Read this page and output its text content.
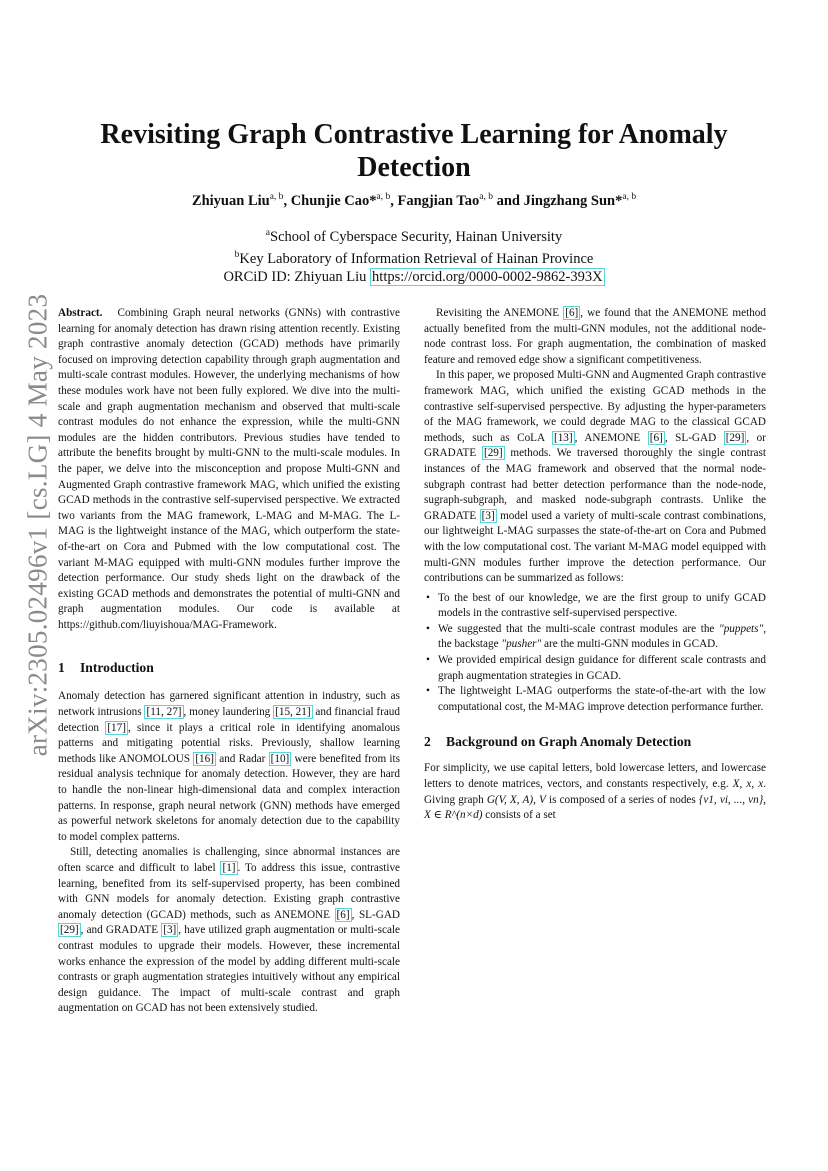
arXiv:2305.02496v1 [cs.LG] 4 May 2023
Revisiting Graph Contrastive Learning for Anomaly Detection
Zhiyuan Liu$^{a, b}$, Chunjie Cao*$^{a, b}$, Fangjian Tao$^{a, b}$ and Jingzhang Sun*$^{a, b}$
$^a$School of Cyberspace Security, Hainan University
$^b$Key Laboratory of Information Retrieval of Hainan Province
ORCiD ID: Zhiyuan Liu https://orcid.org/0000-0002-9862-393X

Abstract. Combining Graph neural networks (GNNs) with contrastive learning for anomaly detection has drawn rising attention recently. Existing graph contrastive anomaly detection (GCAD) methods have primarily focused on improving detection capability through graph augmentation and multi-scale contrast modules. However, the underlying mechanisms of how these modules work have not been fully explored. We dive into the multi-scale and graph augmentation mechanism and observed that multi-scale contrast modules do not enhance the expression, while the multi-GNN modules are the hidden contributors. Previous studies have tended to attribute the benefits brought by multi-GNN to the multi-scale modules. In the paper, we delve into the misconception and propose Multi-GNN and Augmented Graph contrastive framework MAG, which unified the existing GCAD methods in the contrastive self-supervised perspective. We extracted two variants from the MAG framework, L-MAG and M-MAG. The L-MAG is the lightweight instance of the MAG, which outperform the state-of-the-art on Cora and Pubmed with the low computational cost. The variant M-MAG equipped with multi-GNN modules further improve the detection performance. Our study sheds light on the drawback of the existing GCAD methods and demonstrates the potential of multi-GNN and graph augmentation modules. Our code is available at https://github.com/liuyishoua/MAG-Framework.

1 Introduction

Anomaly detection has garnered significant attention in industry, such as network intrusions [11, 27] , money laundering [15, 21] and financial fraud detection [17] , since it plays a critical role in identifying anomalous patterns and mitigating potential risks. Previously, shallow learning methods like ANOMOLOUS [16] and Radar [10] were benefited from its residual analysis technique for anomaly detection. However, they are hard to handle the non-linear high-dimensional data and complex interaction patterns. In response, graph neural network (GNN) methods have emerged as powerful network skeletons for anomaly detection due to the capability to model complex patterns.

Still, detecting anomalies is challenging, since abnormal instances are often scarce and difficult to label [1] . To address this issue, contrastive learning, benefited from its self-supervised property, has been combined with GNN models for anomaly detection. Existing graph contrastive anomaly detection (GCAD) methods, such as ANEMONE [6] , SL-GAD [29] , and GRADATE [3] , have utilized graph augmentation or multi-scale contrast modules to upgrade their models. However, these incremental works enhance the expression of the model by adding different multi-scale contrasts or graph augmentation strategies intuitively without any empirical design guidance. The impact of multi-scale contrast and graph augmentation on GCAD has not been extensively studied.

Revisiting the ANEMONE [6] , we found that the ANEMONE method actually benefited from the multi-GNN modules, not the additional node-node contrast loss. For graph augmentation, the combination of masked feature and removed edge show a significant competitiveness.

In this paper, we proposed Multi-GNN and Augmented Graph contrastive framework MAG, which unified the existing GCAD methods in the contrastive self-supervised perspective. By adjusting the hyper-parameters of the MAG framework, we could degrade MAG to the classical GCAD methods, such as CoLA [13] , ANEMONE [6] , SL-GAD [29] , or GRADATE [29] methods. We traversed thoroughly the single contrast instances of the MAG framework and observed that the normal node-subgraph contrast had better detection performance than the node-node, sugraph-subgraph, and masked node-subgraph contrasts. Unlike the GRADATE [3] model used a variety of multi-scale contrast combinations, our lightweight L-MAG surpasses the state-of-the-art on Cora and Pubmed with the low computational cost. The variant M-MAG model equipped with multi-GNN modules further improve the detection performance. Our contributions can be summarized as follows:

• To the best of our knowledge, we are the first group to unify GCAD models in the contrastive self-supervised perspective.
• We suggested that the multi-scale contrast modules are the "puppets", the backstage "pusher" are the multi-GNN modules in GCAD.
• We provided empirical design guidance for different scale contrasts and graph augmentation strategies in GCAD.
• The lightweight L-MAG outperforms the state-of-the-art with the low computational cost, the M-MAG improve detection performance further.
2 Background on Graph Anomaly Detection

For simplicity, we use capital letters, bold lowercase letters, and lowercase letters to denote matrices, vectors, and constants respectively, e.g. X, x, x. Giving graph G(V, X, A), V is composed of a series of nodes {v1, vi, ..., vn}, X ∈ R^(n×d) consists of a set
